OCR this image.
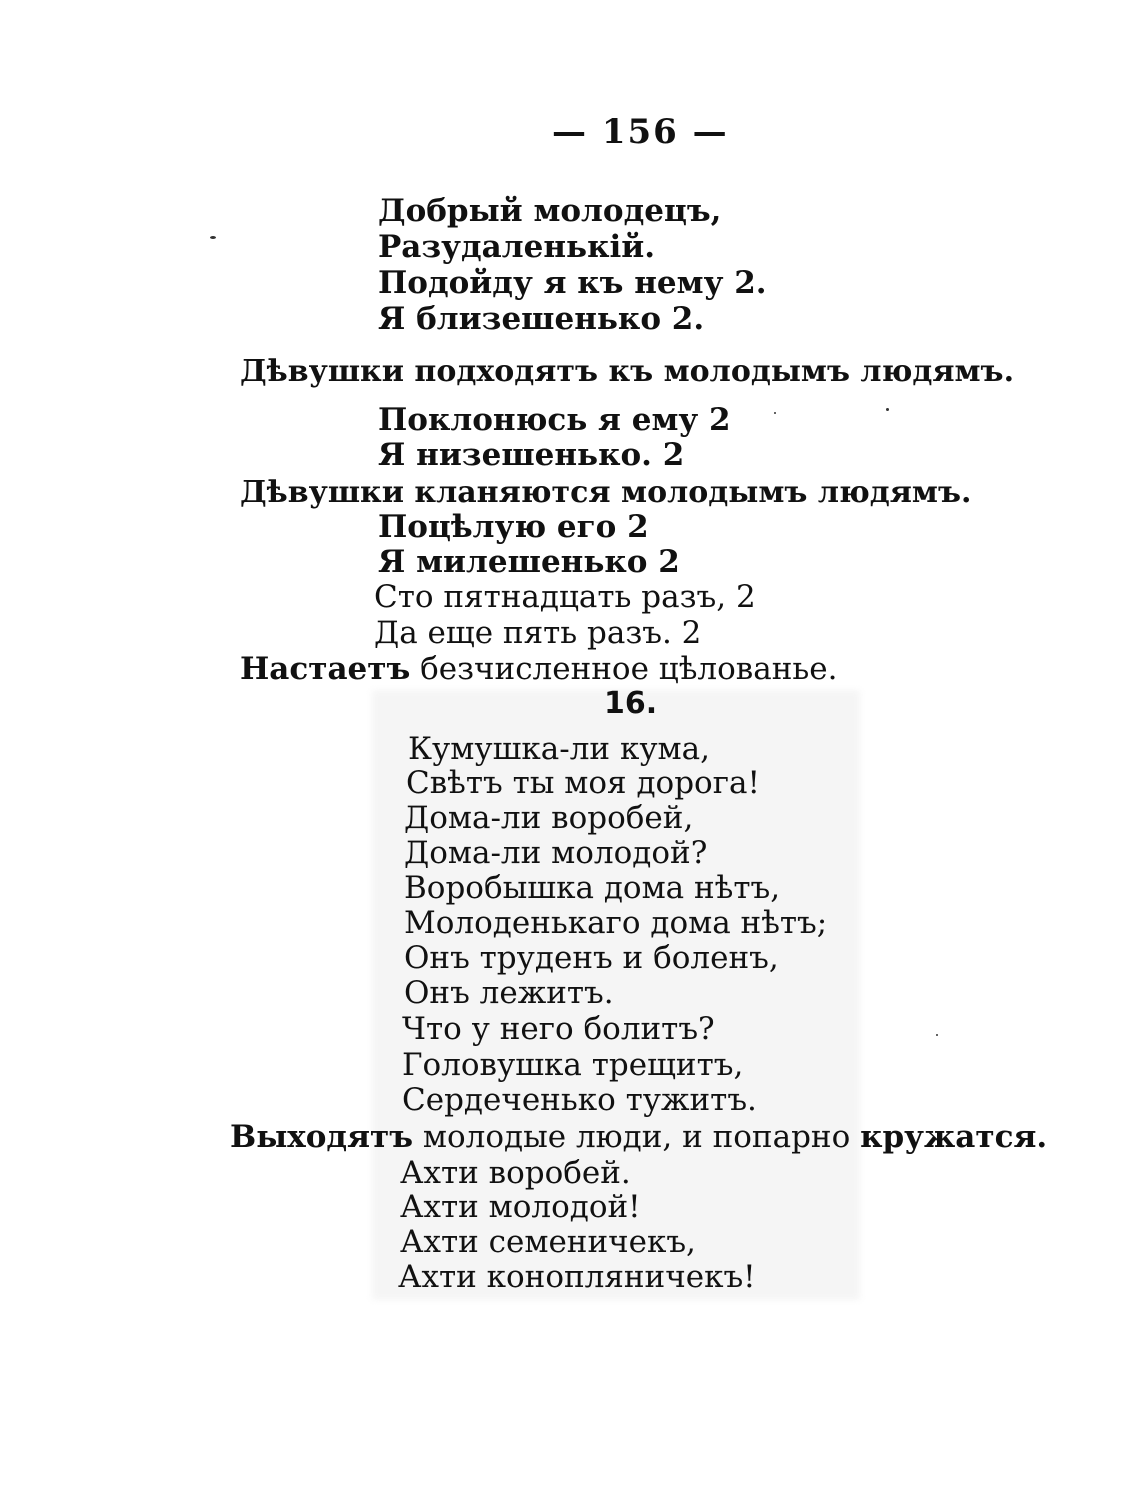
— 156 —
Добрый молодецъ,
Разудаленькій.
Подойду я къ нему 2.
Я близешенько 2.
Дѣвушки подходятъ къ молодымъ людямъ.
Поклонюсь я ему 2
Я низешенько. 2
Дѣвушки кланяются молодымъ людямъ.
Поцѣлую его 2
Я милешенько 2
Сто пятнадцать разъ, 2
Да еще пять разъ. 2
Настаетъ безчисленное цѣлованье.
16.
Кумушка-ли кума,
Свѣтъ ты моя дорога!
Дома-ли воробей,
Дома-ли молодой?
Воробышка дома нѣтъ,
Молоденькаго дома нѣтъ;
Онъ труденъ и боленъ,
Онъ лежитъ.
Что у него болитъ?
Головушка трещитъ,
Сердеченько тужитъ.
Выходятъ молодые люди, и попарно кружатся.
Ахти воробей.
Ахти молодой!
Ахти семеничекъ,
Ахти конопляничекъ!
